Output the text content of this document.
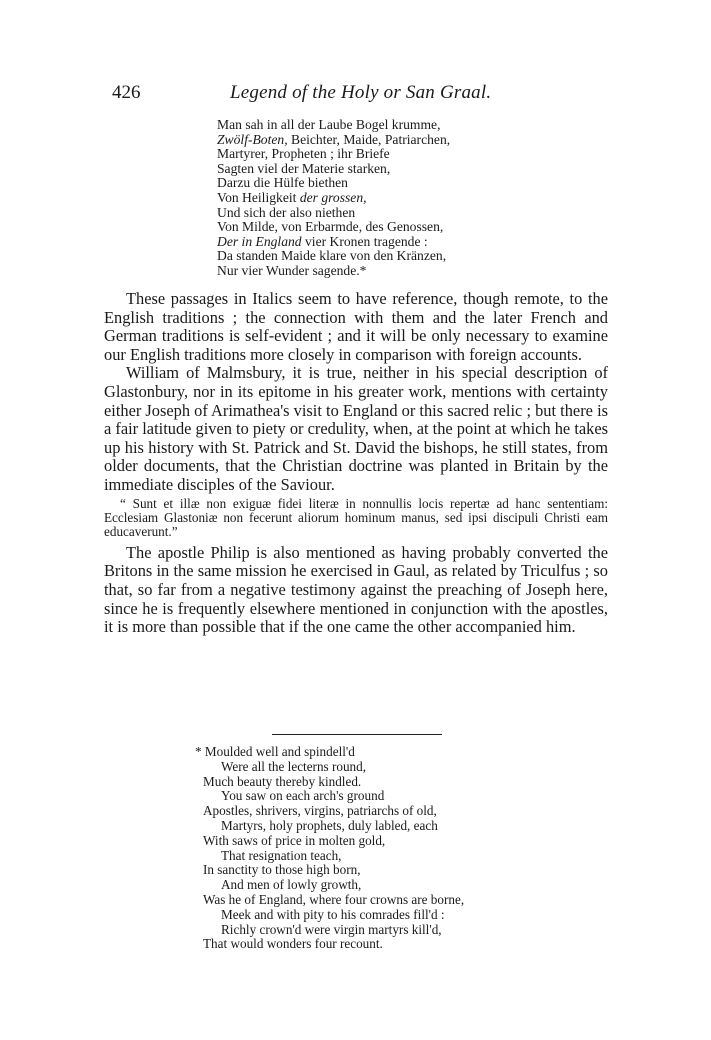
426	Legend of the Holy or San Graal.
Man sah in all der Laube Bogel krumme,
Zwölf-Boten, Beichter, Maide, Patriarchen,
Martyrer, Propheten ; ihr Briefe
Sagten viel der Materie starken,
Darzu die Hülfe biethen
Von Heiligkeit der grossen,
Und sich der also niethen
Von Milde, von Erbarmde, des Genossen,
Der in England vier Kronen tragende :
Da standen Maide klare von den Kränzen,
Nur vier Wunder sagende.*

These passages in Italics seem to have reference, though remote, to the English traditions ; the connection with them and the later French and German traditions is self-evident ; and it will be only necessary to examine our English traditions more closely in comparison with foreign accounts.

William of Malmsbury, it is true, neither in his special description of Glastonbury, nor in its epitome in his greater work, mentions with certainty either Joseph of Arimathea's visit to England or this sacred relic ; but there is a fair latitude given to piety or credulity, when, at the point at which he takes up his history with St. Patrick and St. David the bishops, he still states, from older documents, that the Christian doctrine was planted in Britain by the immediate disciples of the Saviour.

“ Sunt et illæ non exiguæ fidei literæ in nonnullis locis repertæ ad hanc sententiam: Ecclesiam Glastoniæ non fecerunt aliorum hominum manus, sed ipsi discipuli Christi eam educaverunt.”

The apostle Philip is also mentioned as having probably converted the Britons in the same mission he exercised in Gaul, as related by Triculfus ; so that, so far from a negative testimony against the preaching of Joseph here, since he is frequently elsewhere mentioned in conjunction with the apostles, it is more than possible that if the one came the other accompanied him.

* Moulded well and spindell'd
Were all the lecterns round,
Much beauty thereby kindled.
You saw on each arch's ground
Apostles, shrivers, virgins, patriarchs of old,
Martyrs, holy prophets, duly labled, each
With saws of price in molten gold,
That resignation teach,
In sanctity to those high born,
And men of lowly growth,
Was he of England, where four crowns are borne,
Meek and with pity to his comrades fill'd :
Richly crown'd were virgin martyrs kill'd,
That would wonders four recount.
